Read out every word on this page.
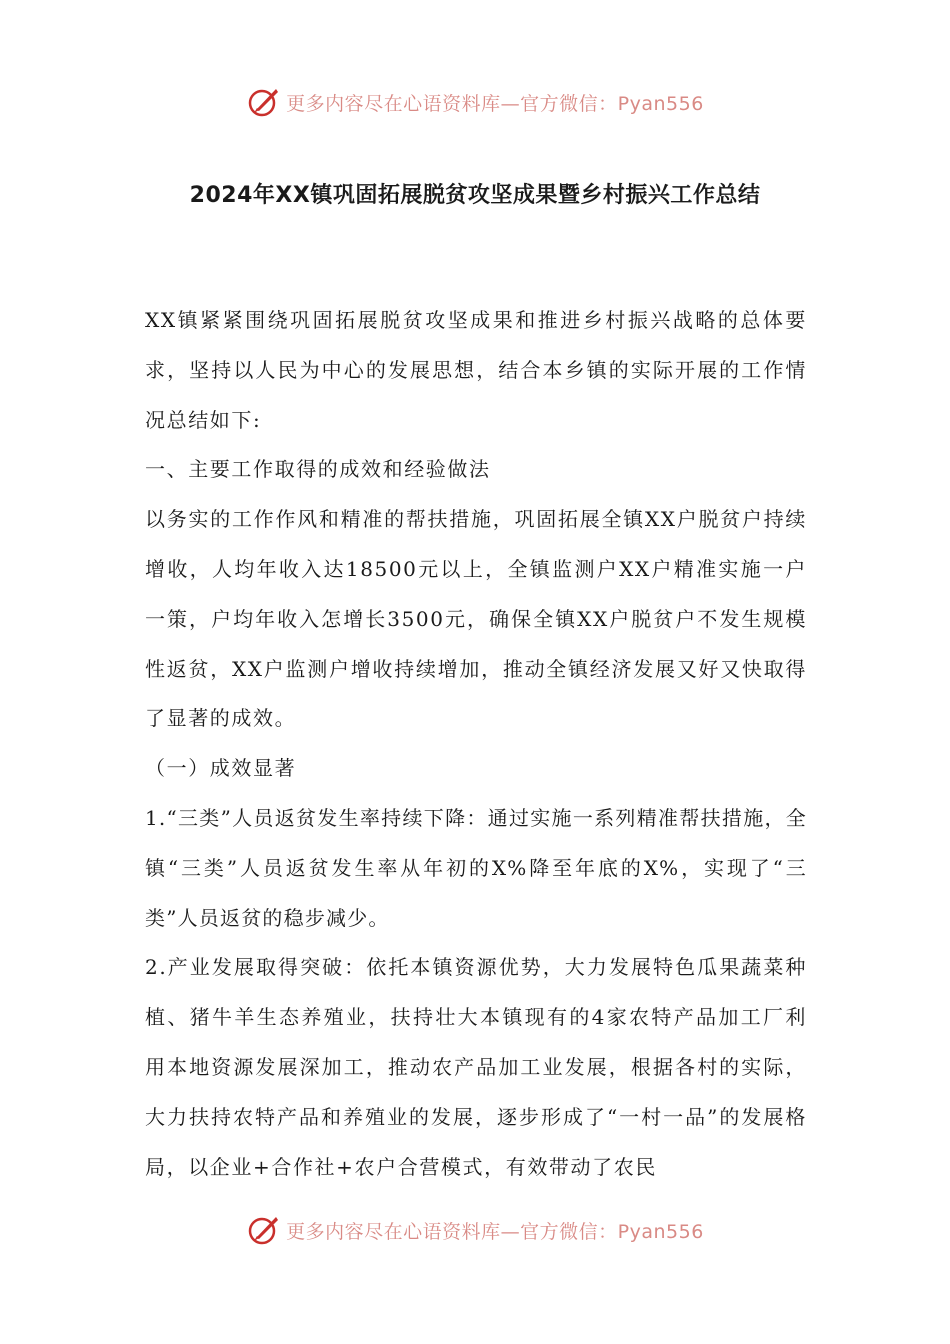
更多内容尽在心语资料库—官方微信：Pyan556
2024年XX镇巩固拓展脱贫攻坚成果暨乡村振兴工作总结

XX镇紧紧围绕巩固拓展脱贫攻坚成果和推进乡村振兴战略的总体要求，坚持以人民为中心的发展思想，结合本乡镇的实际开展的工作情况总结如下:

一、主要工作取得的成效和经验做法

以务实的工作作风和精准的帮扶措施，巩固拓展全镇XX户脱贫户持续增收，人均年收入达18500元以上，全镇监测户XX户精准实施一户一策，户均年收入怎增长3500元，确保全镇XX户脱贫户不发生规模性返贫，XX户监测户增收持续增加，推动全镇经济发展又好又快取得了显著的成效。

（一）成效显著

1.“三类”人员返贫发生率持续下降：通过实施一系列精准帮扶措施，全镇“三类”人员返贫发生率从年初的X%降至年底的X%，实现了“三类”人员返贫的稳步减少。

2.产业发展取得突破：依托本镇资源优势，大力发展特色瓜果蔬菜种植、猪牛羊生态养殖业，扶持壮大本镇现有的4家农特产品加工厂利用本地资源发展深加工，推动农产品加工业发展，根据各村的实际，大力扶持农特产品和养殖业的发展，逐步形成了“一村一品”的发展格局，以企业+合作社+农户合营模式，有效带动了农民

更多内容尽在心语资料库—官方微信：Pyan556
